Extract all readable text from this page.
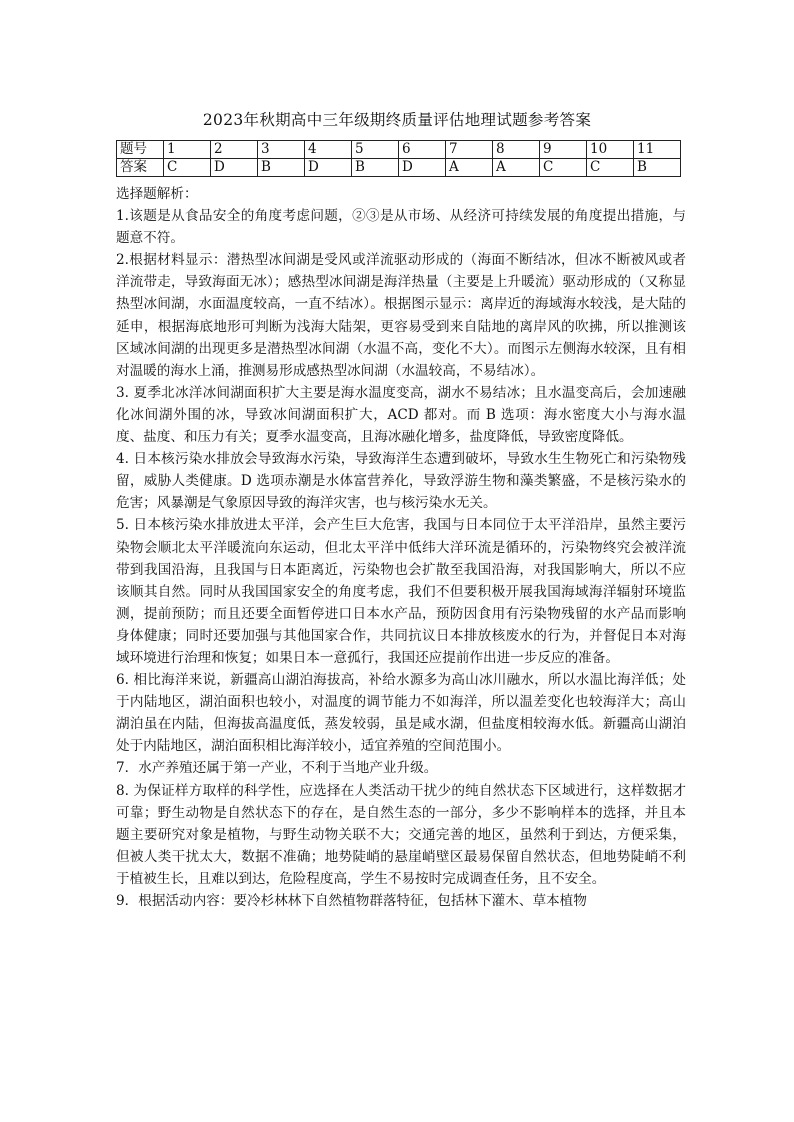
2023年秋期高中三年级期终质量评估地理试题参考答案
题号	1	2	3	4	5	6	7	8	9	10	11
答案	C	D	B	D	B	D	A	A	C	C	B

选择题解析：

1.该题是从食品安全的角度考虑问题，②③是从市场、从经济可持续发展的角度提出措施，与题意不符。

2.根据材料显示：潜热型冰间湖是受风或洋流驱动形成的（海面不断结冰，但冰不断被风或者洋流带走，导致海面无冰）；感热型冰间湖是海洋热量（主要是上升暖流）驱动形成的（又称显热型冰间湖，水面温度较高，一直不结冰）。根据图示显示：离岸近的海域海水较浅，是大陆的延申，根据海底地形可判断为浅海大陆架，更容易受到来自陆地的离岸风的吹拂，所以推测该区域冰间湖的出现更多是潜热型冰间湖（水温不高，变化不大）。而图示左侧海水较深，且有相对温暖的海水上涌，推测易形成感热型冰间湖（水温较高，不易结冰）。

3. 夏季北冰洋冰间湖面积扩大主要是海水温度变高，湖水不易结冰；且水温变高后，会加速融化冰间湖外围的冰，导致冰间湖面积扩大，ACD 都对。而 B 选项：海水密度大小与海水温度、盐度、和压力有关；夏季水温变高，且海冰融化增多，盐度降低，导致密度降低。

4. 日本核污染水排放会导致海水污染，导致海洋生态遭到破坏，导致水生生物死亡和污染物残留，威胁人类健康。D 选项赤潮是水体富营养化，导致浮游生物和藻类繁盛，不是核污染水的危害；风暴潮是气象原因导致的海洋灾害，也与核污染水无关。

5. 日本核污染水排放进太平洋，会产生巨大危害，我国与日本同位于太平洋沿岸，虽然主要污染物会顺北太平洋暖流向东运动，但北太平洋中低纬大洋环流是循环的，污染物终究会被洋流带到我国沿海，且我国与日本距离近，污染物也会扩散至我国沿海，对我国影响大，所以不应该顺其自然。同时从我国国家安全的角度考虑，我们不但要积极开展我国海域海洋辐射环境监测，提前预防；而且还要全面暂停进口日本水产品，预防因食用有污染物残留的水产品而影响身体健康；同时还要加强与其他国家合作，共同抗议日本排放核废水的行为，并督促日本对海域环境进行治理和恢复；如果日本一意孤行，我国还应提前作出进一步反应的准备。

6. 相比海洋来说，新疆高山湖泊海拔高，补给水源多为高山冰川融水，所以水温比海洋低；处于内陆地区，湖泊面积也较小，对温度的调节能力不如海洋，所以温差变化也较海洋大；高山湖泊虽在内陆，但海拔高温度低，蒸发较弱，虽是咸水湖，但盐度相较海水低。新疆高山湖泊处于内陆地区，湖泊面积相比海洋较小，适宜养殖的空间范围小。

7．水产养殖还属于第一产业，不利于当地产业升级。

8. 为保证样方取样的科学性，应选择在人类活动干扰少的纯自然状态下区域进行，这样数据才可靠；野生动物是自然状态下的存在，是自然生态的一部分，多少不影响样本的选择，并且本题主要研究对象是植物，与野生动物关联不大；交通完善的地区，虽然利于到达，方便采集，但被人类干扰太大，数据不准确；地势陡峭的悬崖峭壁区最易保留自然状态，但地势陡峭不利于植被生长，且难以到达，危险程度高，学生不易按时完成调查任务，且不安全。

9．根据活动内容：要冷杉林林下自然植物群落特征，包括林下灌木、草本植物
